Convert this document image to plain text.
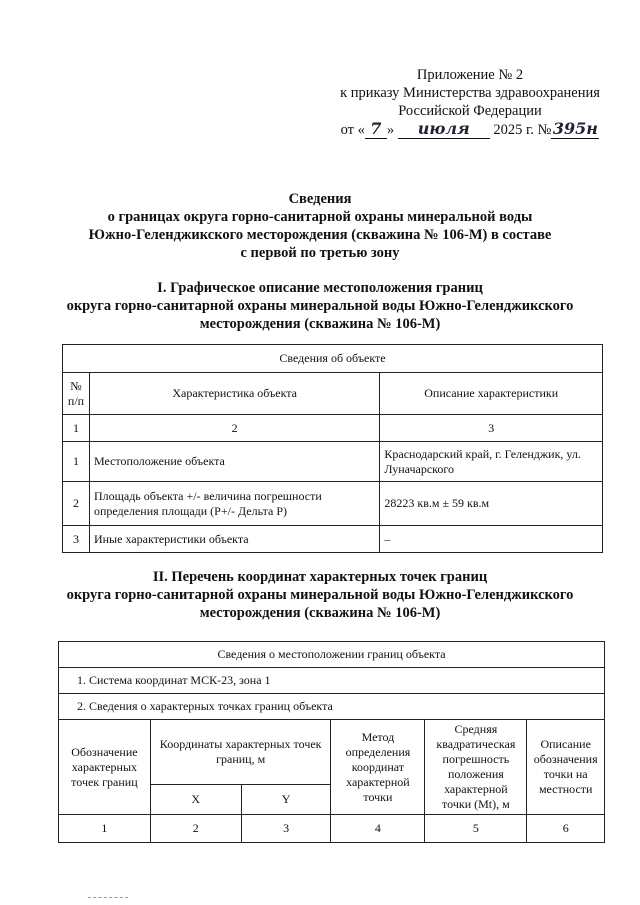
Приложение № 2
к приказу Министерства здравоохранения
Российской Федерации
от « 7 » июля 2025 г. №395н
Сведения
о границах округа горно-санитарной охраны минеральной воды
Южно-Геленджикского месторождения (скважина № 106-М) в составе
с первой по третью зону
I. Графическое описание местоположения границ
округа горно-санитарной охраны минеральной воды Южно-Геленджикского
месторождения (скважина № 106-М)
Сведения об объекте		
№
п/п	Характеристика объекта	Описание характеристики
1	2	3
1	Местоположение объекта	Краснодарский край, г. Геленджик, ул. Луначарского
2	Площадь объекта +/- величина погрешности определения площади (Р+/- Дельта Р)	28223 кв.м ± 59 кв.м
3	Иные характеристики объекта	–
II. Перечень координат характерных точек границ
округа горно-санитарной охраны минеральной воды Южно-Геленджикского
месторождения (скважина № 106-М)
Сведения о местоположении границ объекта					
1. Система координат МСК-23, зона 1					
2. Сведения о характерных точках границ объекта					
Обозначение характерных точек границ	Координаты характерных точек границ, м		Метод определения координат характерной точки	Средняя квадратическая погрешность положения характерной точки (Mt), м	Описание обозначения точки на местности
	X	Y			
1	2	3	4	5	6
